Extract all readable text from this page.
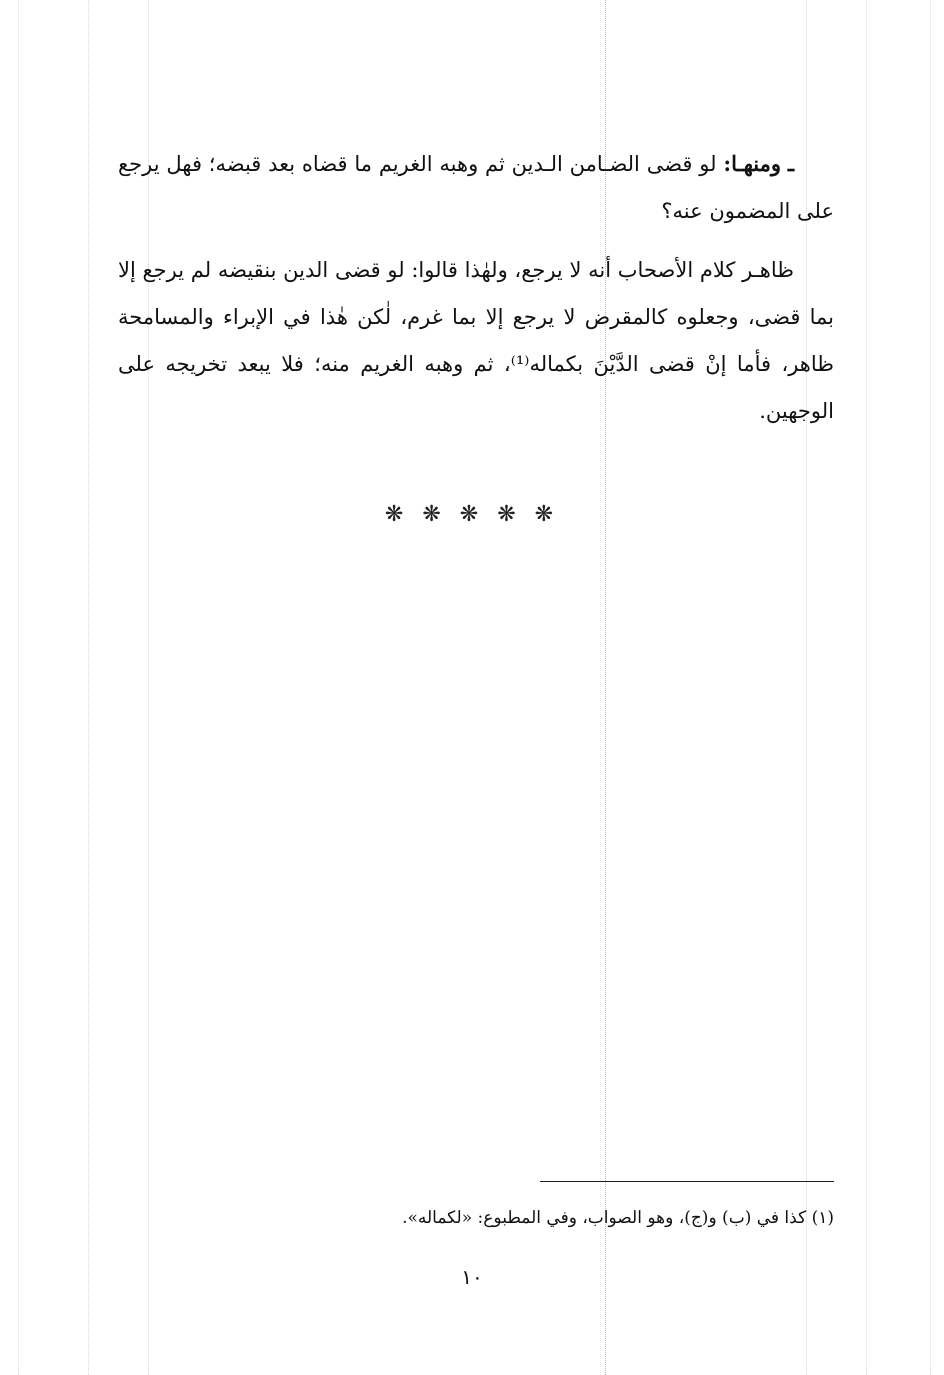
ـ ومنهـا: لو قضى الضـامن الـدين ثم وهبه الغريم ما قضاه بعد قبضه؛ فهل يرجع على المضمون عنه؟

ظاهـر كلام الأصحاب أنه لا يرجع، ولهٰذا قالوا: لو قضى الدين بنقيضه لم يرجع إلا بما قضى، وجعلوه كالمقرض لا يرجع إلا بما غرم، لٰكن هٰذا في الإبراء والمسامحة ظاهر، فأما إنْ قضى الدَّيْنَ بكماله⁽¹⁾، ثم وهبه الغريم منه؛ فلا يبعد تخريجه على الوجهين.

❋ ❋ ❋ ❋ ❋
(١) كذا في (ب) و(ج)، وهو الصواب، وفي المطبوع: «لكماله».
١٠
